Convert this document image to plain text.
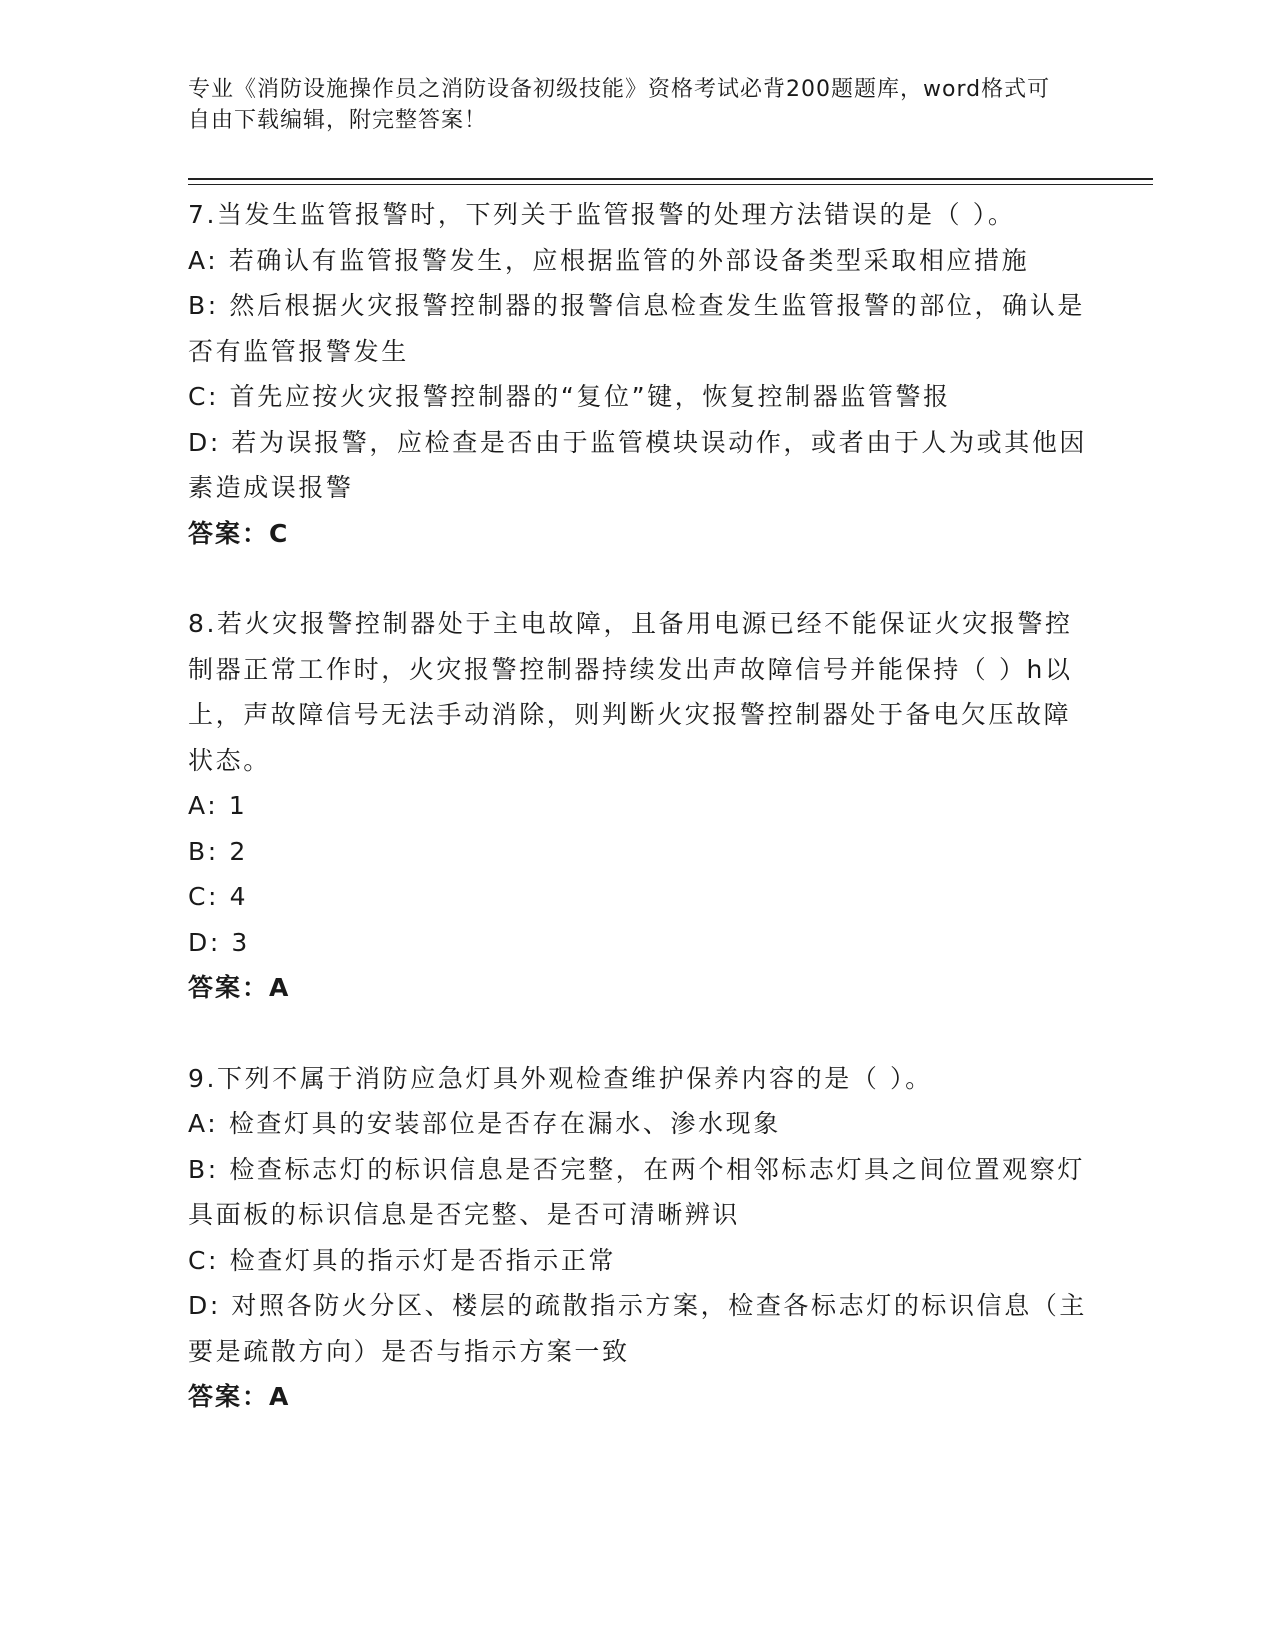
专业《消防设施操作员之消防设备初级技能》资格考试必背200题题库，word格式可自由下载编辑，附完整答案！

7.当发生监管报警时，下列关于监管报警的处理方法错误的是（ ）。

A: 若确认有监管报警发生，应根据监管的外部设备类型采取相应措施

B: 然后根据火灾报警控制器的报警信息检查发生监管报警的部位，确认是否有监管报警发生

C: 首先应按火灾报警控制器的“复位”键，恢复控制器监管警报

D: 若为误报警，应检查是否由于监管模块误动作，或者由于人为或其他因素造成误报警

答案：C

8.若火灾报警控制器处于主电故障，且备用电源已经不能保证火灾报警控制器正常工作时，火灾报警控制器持续发出声故障信号并能保持（ ）h以上，声故障信号无法手动消除，则判断火灾报警控制器处于备电欠压故障状态。

A: 1

B: 2

C: 4

D: 3

答案：A

9.下列不属于消防应急灯具外观检查维护保养内容的是（ ）。

A: 检查灯具的安装部位是否存在漏水、渗水现象

B: 检查标志灯的标识信息是否完整，在两个相邻标志灯具之间位置观察灯具面板的标识信息是否完整、是否可清晰辨识

C: 检查灯具的指示灯是否指示正常

D: 对照各防火分区、楼层的疏散指示方案，检查各标志灯的标识信息（主要是疏散方向）是否与指示方案一致

答案：A
